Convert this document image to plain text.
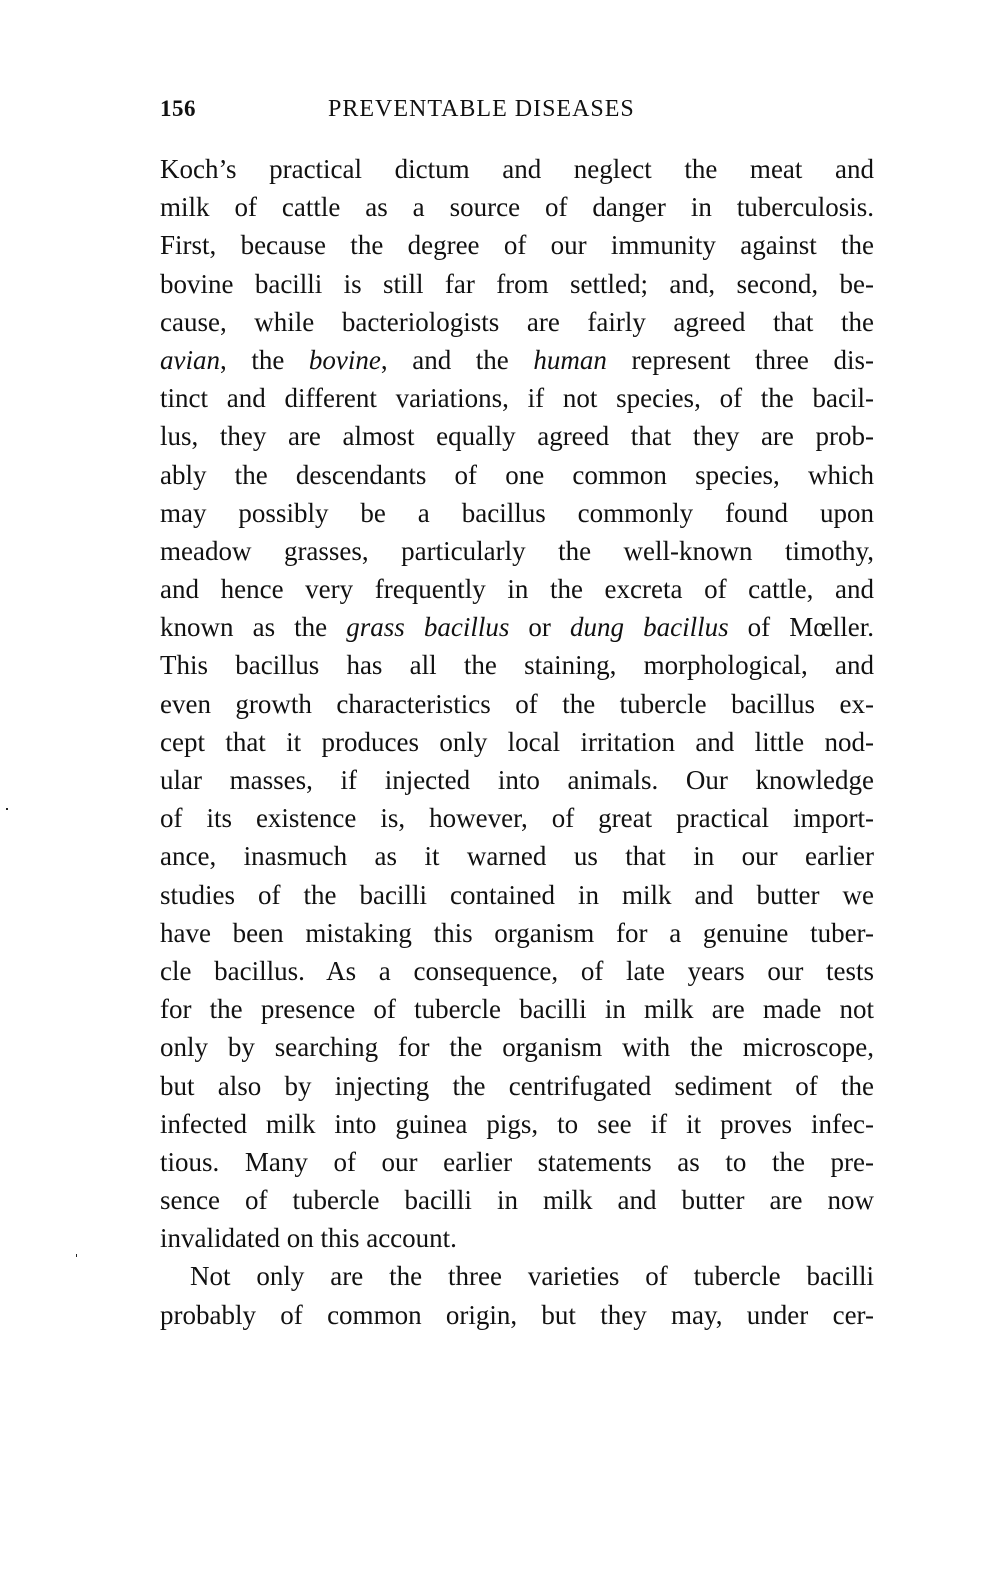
156	PREVENTABLE DISEASES
Koch’s practical dictum and neglect the meat and
milk of cattle as a source of danger in tuberculosis.
First, because the degree of our immunity against the
bovine bacilli is still far from settled; and, second, be-
cause, while bacteriologists are fairly agreed that the
avian, the bovine, and the human represent three dis-
tinct and different variations, if not species, of the bacil-
lus, they are almost equally agreed that they are prob-
ably the descendants of one common species, which
may possibly be a bacillus commonly found upon
meadow grasses, particularly the well-known timothy,
and hence very frequently in the excreta of cattle, and
known as the grass bacillus or dung bacillus of Mœller.
This bacillus has all the staining, morphological, and
even growth characteristics of the tubercle bacillus ex-
cept that it produces only local irritation and little nod-
ular masses, if injected into animals. Our knowledge
of its existence is, however, of great practical import-
ance, inasmuch as it warned us that in our earlier
studies of the bacilli contained in milk and butter we
have been mistaking this organism for a genuine tuber-
cle bacillus. As a consequence, of late years our tests
for the presence of tubercle bacilli in milk are made not
only by searching for the organism with the microscope,
but also by injecting the centrifugated sediment of the
infected milk into guinea pigs, to see if it proves infec-
tious. Many of our earlier statements as to the pre-
sence of tubercle bacilli in milk and butter are now
invalidated on this account.
Not only are the three varieties of tubercle bacilli
probably of common origin, but they may, under cer-
